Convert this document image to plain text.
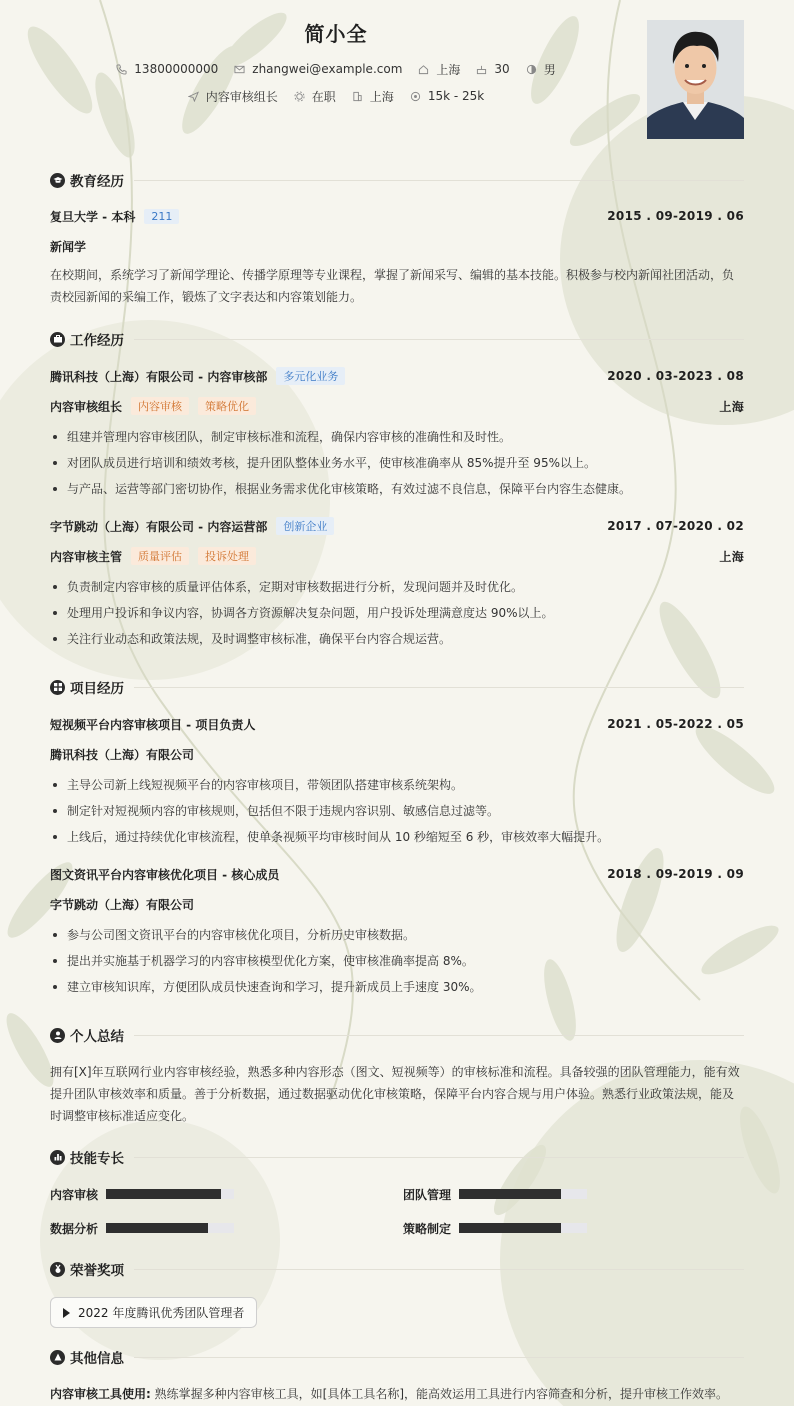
简小全
13800000000	zhangwei@example.com	上海	30	男
内容审核组长	在职	上海	15k - 25k
教育经历
复旦大学 - 本科	211	2015 . 09-2019 . 06
新闻学
在校期间，系统学习了新闻学理论、传播学原理等专业课程，掌握了新闻采写、编辑的基本技能。积极参与校内新闻社团活动，负责校园新闻的采编工作，锻炼了文字表达和内容策划能力。
工作经历
腾讯科技（上海）有限公司 - 内容审核部	多元化业务	2020 . 03-2023 . 08
内容审核组长	内容审核	策略优化	上海
组建并管理内容审核团队，制定审核标准和流程，确保内容审核的准确性和及时性。
对团队成员进行培训和绩效考核，提升团队整体业务水平，使审核准确率从 85%提升至 95%以上。
与产品、运营等部门密切协作，根据业务需求优化审核策略，有效过滤不良信息，保障平台内容生态健康。
字节跳动（上海）有限公司 - 内容运营部	创新企业	2017 . 07-2020 . 02
内容审核主管	质量评估	投诉处理	上海
负责制定内容审核的质量评估体系，定期对审核数据进行分析，发现问题并及时优化。
处理用户投诉和争议内容，协调各方资源解决复杂问题，用户投诉处理满意度达 90%以上。
关注行业动态和政策法规，及时调整审核标准，确保平台内容合规运营。
项目经历
短视频平台内容审核项目 - 项目负责人	2021 . 05-2022 . 05
腾讯科技（上海）有限公司
主导公司新上线短视频平台的内容审核项目，带领团队搭建审核系统架构。
制定针对短视频内容的审核规则，包括但不限于违规内容识别、敏感信息过滤等。
上线后，通过持续优化审核流程，使单条视频平均审核时间从 10 秒缩短至 6 秒，审核效率大幅提升。
图文资讯平台内容审核优化项目 - 核心成员	2018 . 09-2019 . 09
字节跳动（上海）有限公司
参与公司图文资讯平台的内容审核优化项目，分析历史审核数据。
提出并实施基于机器学习的内容审核模型优化方案，使审核准确率提高 8%。
建立审核知识库，方便团队成员快速查询和学习，提升新成员上手速度 30%。
个人总结
拥有[X]年互联网行业内容审核经验，熟悉多种内容形态（图文、短视频等）的审核标准和流程。具备较强的团队管理能力，能有效提升团队审核效率和质量。善于分析数据，通过数据驱动优化审核策略，保障平台内容合规与用户体验。熟悉行业政策法规，能及时调整审核标准适应变化。
技能专长
内容审核	团队管理
数据分析	策略制定
荣誉奖项
2022 年度腾讯优秀团队管理者
其他信息
内容审核工具使用: 熟练掌握多种内容审核工具，如[具体工具名称]，能高效运用工具进行内容筛查和分析，提升审核工作效率。
